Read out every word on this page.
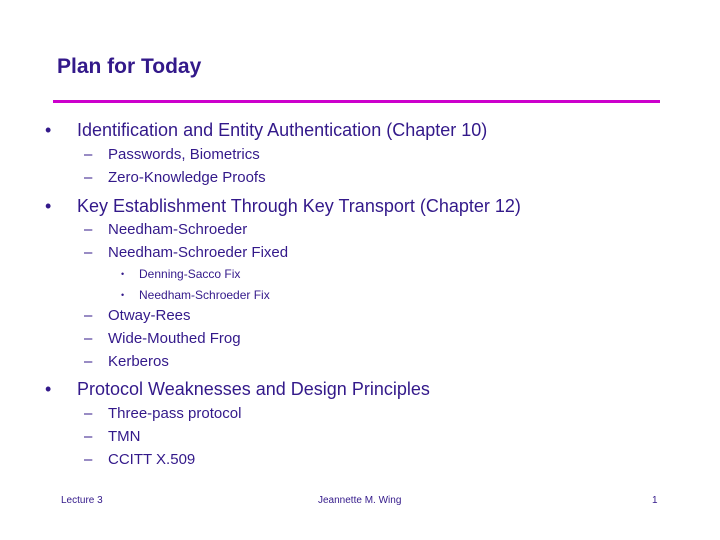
Plan for Today
• Identification and Entity Authentication (Chapter 10)
– Passwords, Biometrics
– Zero-Knowledge Proofs
• Key Establishment Through Key Transport (Chapter 12)
– Needham-Schroeder
– Needham-Schroeder Fixed
• Denning-Sacco Fix
• Needham-Schroeder Fix
– Otway-Rees
– Wide-Mouthed Frog
– Kerberos
• Protocol Weaknesses and Design Principles
– Three-pass protocol
– TMN
– CCITT X.509
Lecture 3	Jeannette M. Wing	1
